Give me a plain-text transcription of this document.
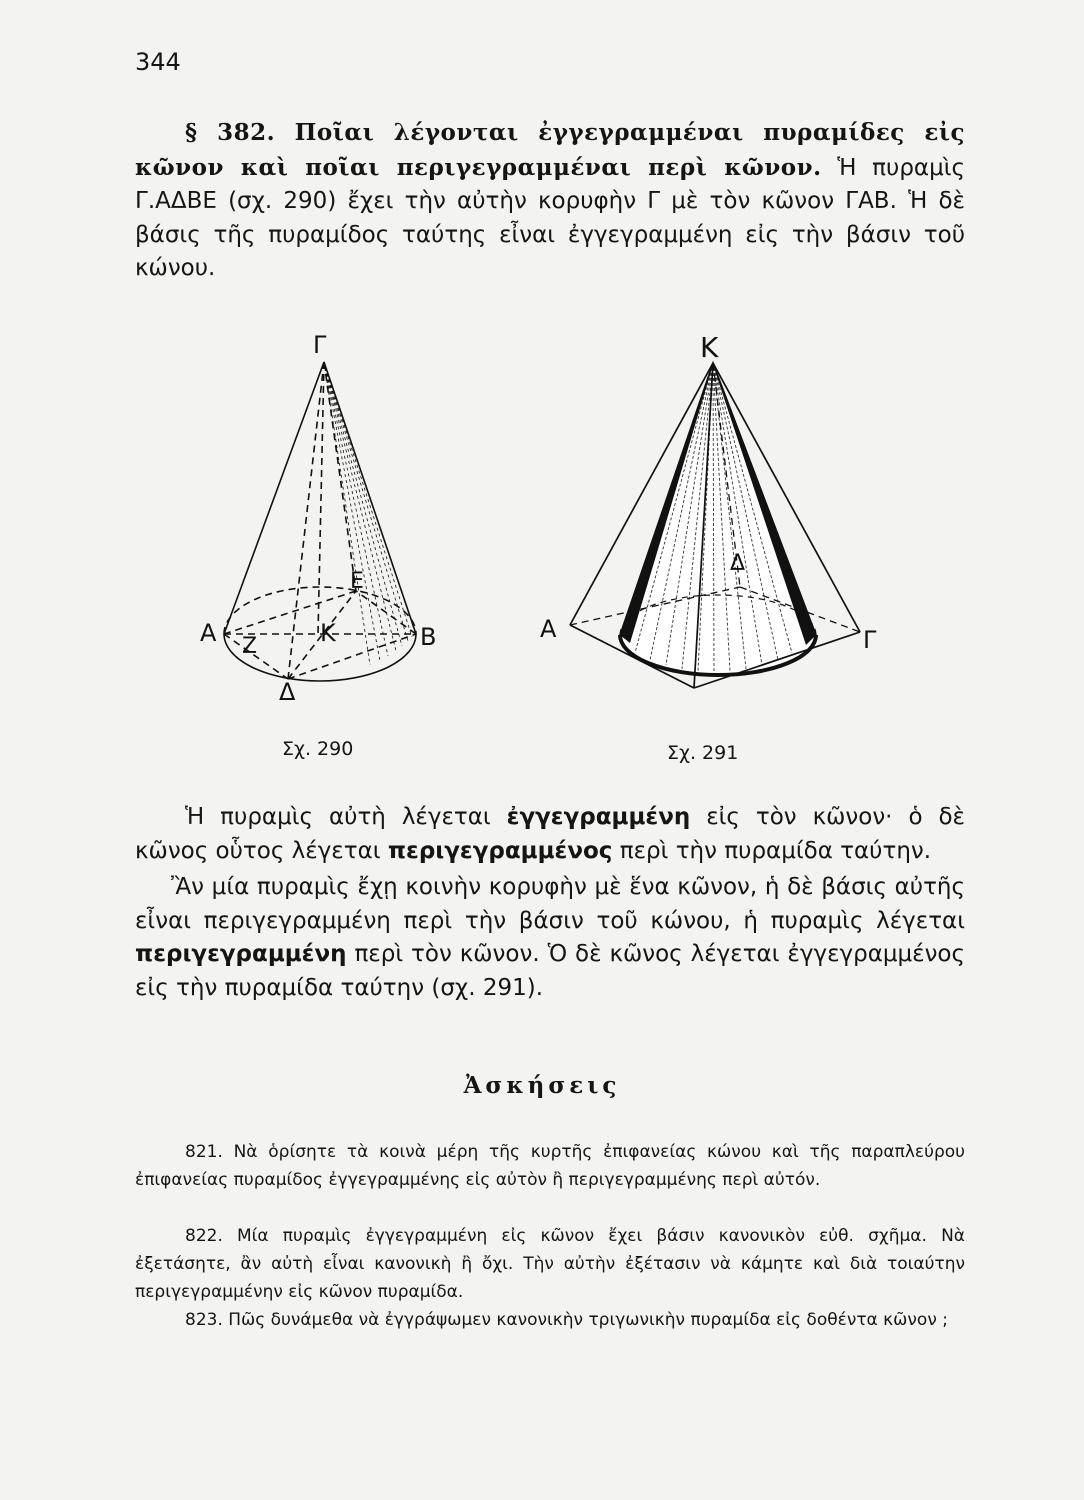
344
§ 382. Ποῖαι λέγονται ἐγγεγραμμέναι πυραμίδες εἰς κῶνον καὶ ποῖαι περιγεγραμμέναι περὶ κῶνον. Ἡ πυραμὶς Γ.ΑΔΒΕ (σχ. 290) ἔχει τὴν αὐτὴν κορυφὴν Γ μὲ τὸν κῶνον ΓΑΒ. Ἡ δὲ βάσις τῆς πυραμίδος ταύτης εἶναι ἐγγεγραμμένη εἰς τὴν βάσιν τοῦ κώνου.
Γ
Α	Β
Ε
Ζ	Κ
Δ
Σχ. 290
Κ
Α	Γ
Δ
Σχ. 291
Ἡ πυραμὶς αὐτὴ λέγεται ἐγγεγραμμένη εἰς τὸν κῶνον· ὁ δὲ κῶνος οὗτος λέγεται περιγεγραμμένος περὶ τὴν πυραμίδα ταύτην.
Ἂν μία πυραμὶς ἔχῃ κοινὴν κορυφὴν μὲ ἕνα κῶνον, ἡ δὲ βάσις αὐτῆς εἶναι περιγεγραμμένη περὶ τὴν βάσιν τοῦ κώνου, ἡ πυραμὶς λέγεται περιγεγραμμένη περὶ τὸν κῶνον. Ὁ δὲ κῶνος λέγεται ἐγγεγραμμένος εἰς τὴν πυραμίδα ταύτην (σχ. 291).
Ἀσκήσεις
821. Νὰ ὁρίσητε τὰ κοινὰ μέρη τῆς κυρτῆς ἐπιφανείας κώνου καὶ τῆς παραπλεύρου ἐπιφανείας πυραμίδος ἐγγεγραμμένης εἰς αὐτὸν ἢ περιγεγραμμένης περὶ αὐτόν.
822. Μία πυραμὶς ἐγγεγραμμένη εἰς κῶνον ἔχει βάσιν κανονικὸν εὐθ. σχῆμα. Νὰ ἐξετάσητε, ἂν αὐτὴ εἶναι κανονικὴ ἢ ὄχι. Τὴν αὐτὴν ἐξέτασιν νὰ κάμητε καὶ διὰ τοιαύτην περιγεγραμμένην εἰς κῶνον πυραμίδα.
823. Πῶς δυνάμεθα νὰ ἐγγράψωμεν κανονικὴν τριγωνικὴν πυραμίδα εἰς δοθέντα κῶνον ;
